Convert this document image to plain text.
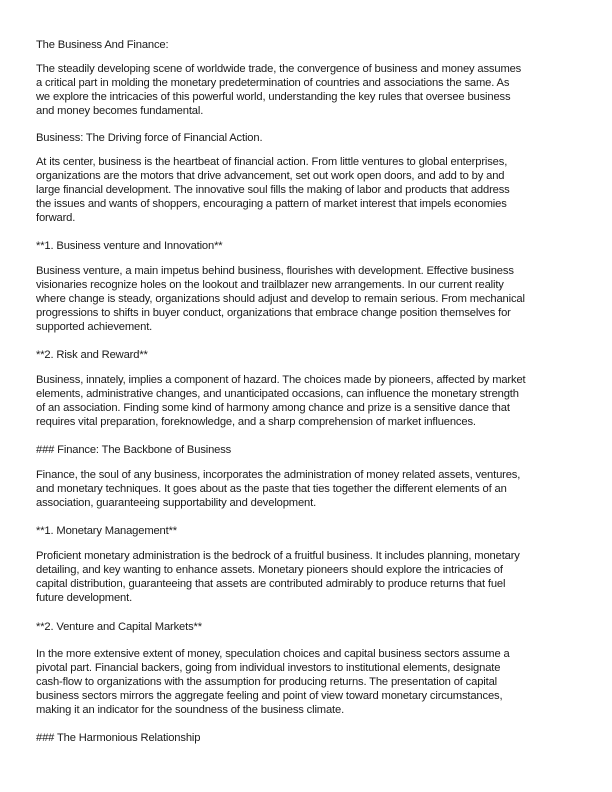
The Business And Finance:
The steadily developing scene of worldwide trade, the convergence of business and money assumes
a critical part in molding the monetary predetermination of countries and associations the same. As
we explore the intricacies of this powerful world, understanding the key rules that oversee business
and money becomes fundamental.
Business: The Driving force of Financial Action.
At its center, business is the heartbeat of financial action. From little ventures to global enterprises,
organizations are the motors that drive advancement, set out work open doors, and add to by and
large financial development. The innovative soul fills the making of labor and products that address
the issues and wants of shoppers, encouraging a pattern of market interest that impels economies
forward.
**1. Business venture and Innovation**
Business venture, a main impetus behind business, flourishes with development. Effective business
visionaries recognize holes on the lookout and trailblazer new arrangements. In our current reality
where change is steady, organizations should adjust and develop to remain serious. From mechanical
progressions to shifts in buyer conduct, organizations that embrace change position themselves for
supported achievement.
**2. Risk and Reward**
Business, innately, implies a component of hazard. The choices made by pioneers, affected by market
elements, administrative changes, and unanticipated occasions, can influence the monetary strength
of an association. Finding some kind of harmony among chance and prize is a sensitive dance that
requires vital preparation, foreknowledge, and a sharp comprehension of market influences.
### Finance: The Backbone of Business
Finance, the soul of any business, incorporates the administration of money related assets, ventures,
and monetary techniques. It goes about as the paste that ties together the different elements of an
association, guaranteeing supportability and development.
**1. Monetary Management**
Proficient monetary administration is the bedrock of a fruitful business. It includes planning, monetary
detailing, and key wanting to enhance assets. Monetary pioneers should explore the intricacies of
capital distribution, guaranteeing that assets are contributed admirably to produce returns that fuel
future development.
**2. Venture and Capital Markets**
In the more extensive extent of money, speculation choices and capital business sectors assume a
pivotal part. Financial backers, going from individual investors to institutional elements, designate
cash-flow to organizations with the assumption for producing returns. The presentation of capital
business sectors mirrors the aggregate feeling and point of view toward monetary circumstances,
making it an indicator for the soundness of the business climate.
### The Harmonious Relationship
